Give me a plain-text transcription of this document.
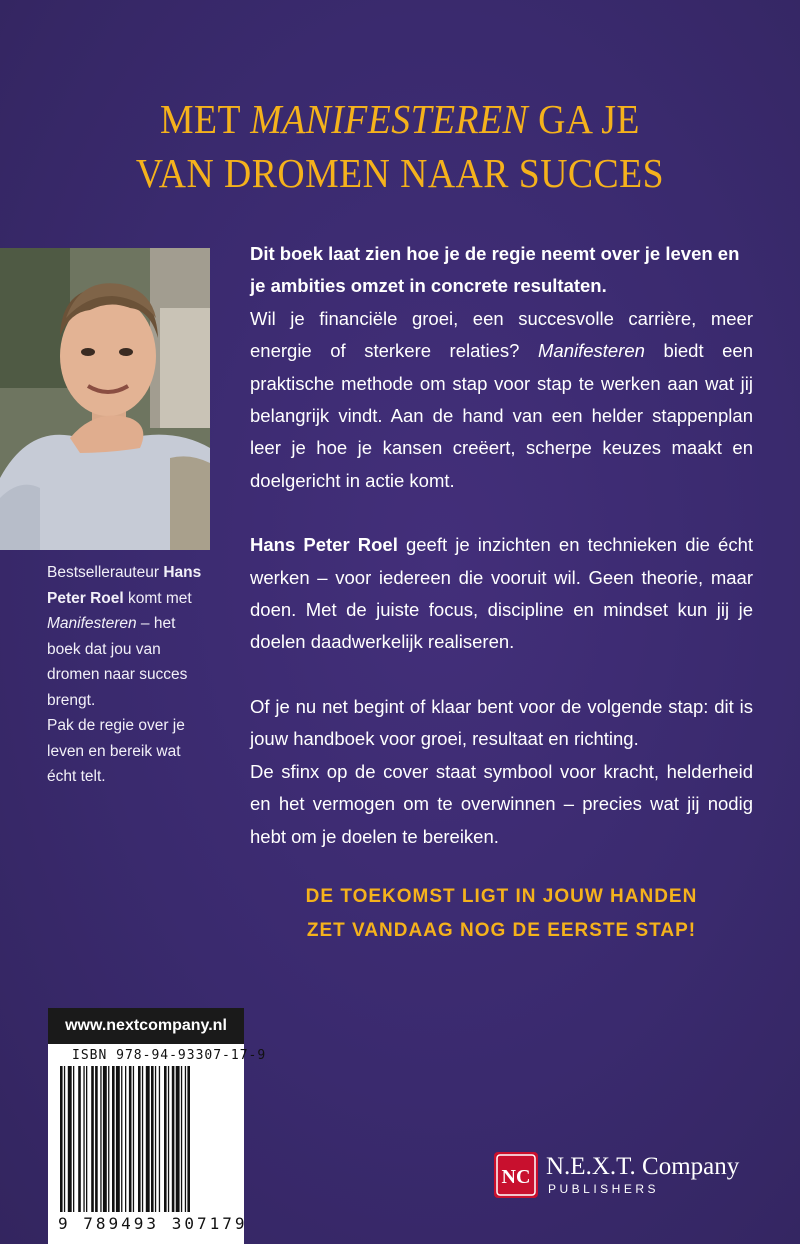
MET MANIFESTEREN GA JE
VAN DROMEN NAAR SUCCES
Bestsellerauteur Hans Peter Roel komt met Manifesteren – het boek dat jou van dromen naar succes brengt.
Pak de regie over je leven en bereik wat écht telt.

Dit boek laat zien hoe je de regie neemt over je leven en je ambities omzet in concrete resultaten.

Wil je financiële groei, een succesvolle carrière, meer energie of sterkere relaties? Manifesteren biedt een praktische methode om stap voor stap te werken aan wat jij belangrijk vindt. Aan de hand van een helder stappenplan leer je hoe je kansen creëert, scherpe keuzes maakt en doelgericht in actie komt.

Hans Peter Roel geeft je inzichten en technieken die écht werken – voor iedereen die vooruit wil. Geen theorie, maar doen. Met de juiste focus, discipline en mindset kun jij je doelen daadwerkelijk realiseren.

Of je nu net begint of klaar bent voor de volgende stap: dit is jouw handboek voor groei, resultaat en richting.

De sfinx op de cover staat symbool voor kracht, helderheid en het vermogen om te overwinnen – precies wat jij nodig hebt om je doelen te bereiken.

DE TOEKOMST LIGT IN JOUW HANDEN
ZET VANDAAG NOG DE EERSTE STAP!
www.nextcompany.nl
ISBN 978-94-93307-17-9
9 789493 307179
NC N.E.X.T. Company
PUBLISHERS
